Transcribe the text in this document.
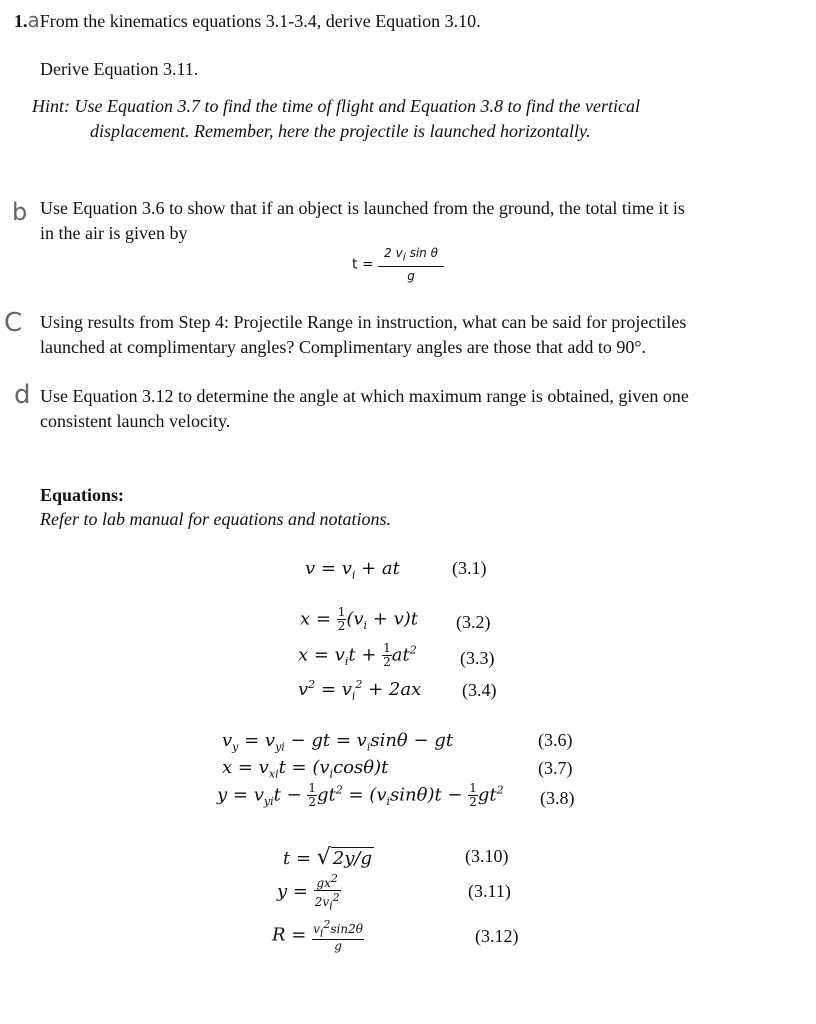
1.aFrom the kinematics equations 3.1-3.4, derive Equation 3.10.
Derive Equation 3.11.
Hint: Use Equation 3.7 to find the time of flight and Equation 3.8 to find the vertical
displacement. Remember, here the projectile is launched horizontally.
b Use Equation 3.6 to show that if an object is launched from the ground, the total time it is
in the air is given by
$t = \frac{2 v_i \sin \theta}{g}$
C Using results from Step 4: Projectile Range in instruction, what can be said for projectiles
launched at complimentary angles? Complimentary angles are those that add to 90°.
d Use Equation 3.12 to determine the angle at which maximum range is obtained, given one
consistent launch velocity.
Equations:
Refer to lab manual for equations and notations.
$v = v_i$ + at	(3.1)
$x = \frac{1}{2} (v_i + v)t$ (3.2)
$x = v_it + \frac{1}{2} at^2$ (3.3)
$v^2 = v_i^2 + 2ax$ (3.4)
$v_y = v_{yi}$ − gt = $v_i\sin\theta$ − gt	(3.6)
$x = v_{xi}t = (v_i\cos\theta)t$	(3.7)
$y = v_{yi}t - \frac{1}{2} gt^2 = (v_i\sin\theta)t - \frac{1}{2} gt^2$ (3.8)
t = √ 2y/g	(3.10)
$y = \frac{gx^2}{2v_i^2}$	(3.11)
$R = \frac{v_i^2\sin 2\theta}{g}$	(3.12)
